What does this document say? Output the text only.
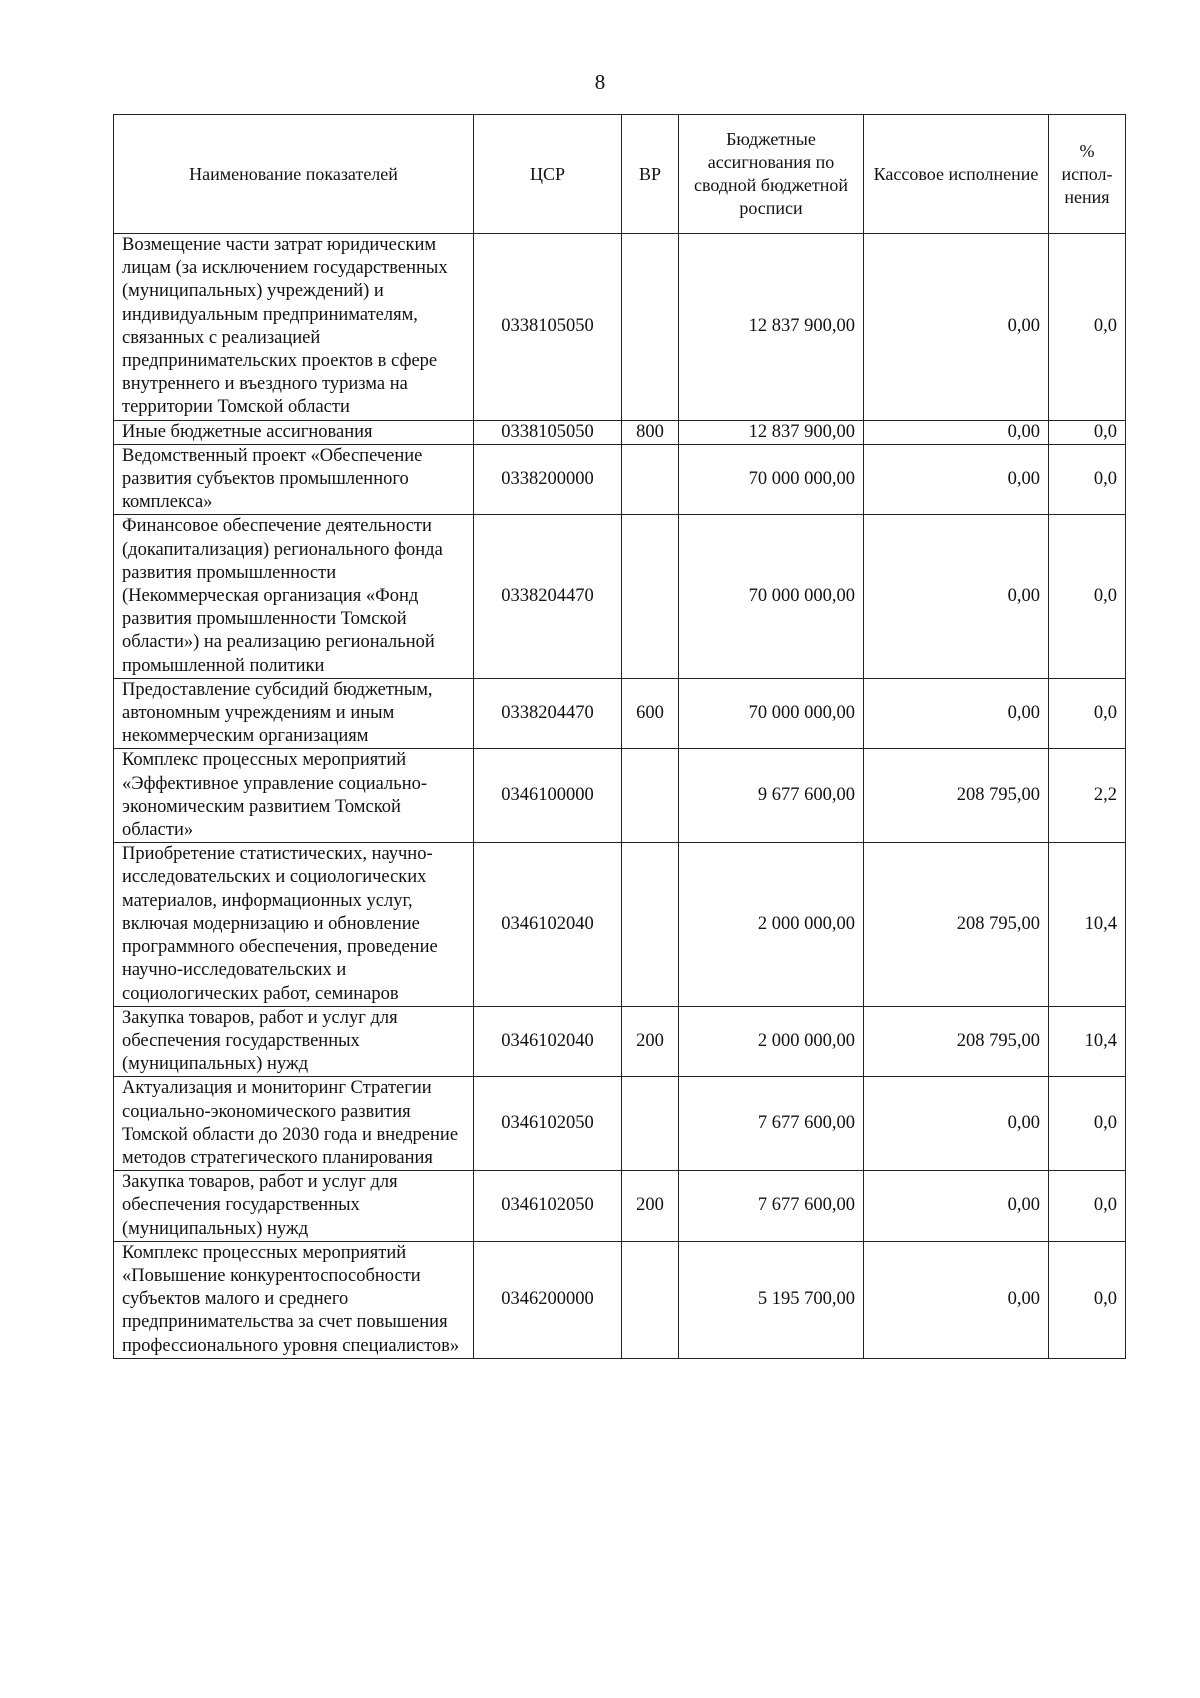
8
Наименование показателей	ЦСР	ВР	Бюджетные ассигнования по сводной бюджетной росписи	Кассовое исполнение	% испол-нения
Возмещение части затрат юридическим лицам (за исключением государственных (муниципальных) учреждений) и индивидуальным предпринимателям, связанных с реализацией предпринимательских проектов в сфере внутреннего и въездного туризма на территории Томской области	0338105050		12 837 900,00	0,00	0,0
Иные бюджетные ассигнования	0338105050	800	12 837 900,00	0,00	0,0
Ведомственный проект «Обеспечение развития субъектов промышленного комплекса»	0338200000		70 000 000,00	0,00	0,0
Финансовое обеспечение деятельности (докапитализация) регионального фонда развития промышленности (Некоммерческая организация «Фонд развития промышленности Томской области») на реализацию региональной промышленной политики	0338204470		70 000 000,00	0,00	0,0
Предоставление субсидий бюджетным, автономным учреждениям и иным некоммерческим организациям	0338204470	600	70 000 000,00	0,00	0,0
Комплекс процессных мероприятий «Эффективное управление социально-экономическим развитием Томской области»	0346100000		9 677 600,00	208 795,00	2,2
Приобретение статистических, научно-исследовательских и социологических материалов, информационных услуг, включая модернизацию и обновление программного обеспечения, проведение научно-исследовательских и социологических работ, семинаров	0346102040		2 000 000,00	208 795,00	10,4
Закупка товаров, работ и услуг для обеспечения государственных (муниципальных) нужд	0346102040	200	2 000 000,00	208 795,00	10,4
Актуализация и мониторинг Стратегии социально-экономического развития Томской области до 2030 года и внедрение методов стратегического планирования	0346102050		7 677 600,00	0,00	0,0
Закупка товаров, работ и услуг для обеспечения государственных (муниципальных) нужд	0346102050	200	7 677 600,00	0,00	0,0
Комплекс процессных мероприятий «Повышение конкурентоспособности субъектов малого и среднего предпринимательства за счет повышения профессионального уровня специалистов»	0346200000		5 195 700,00	0,00	0,0
